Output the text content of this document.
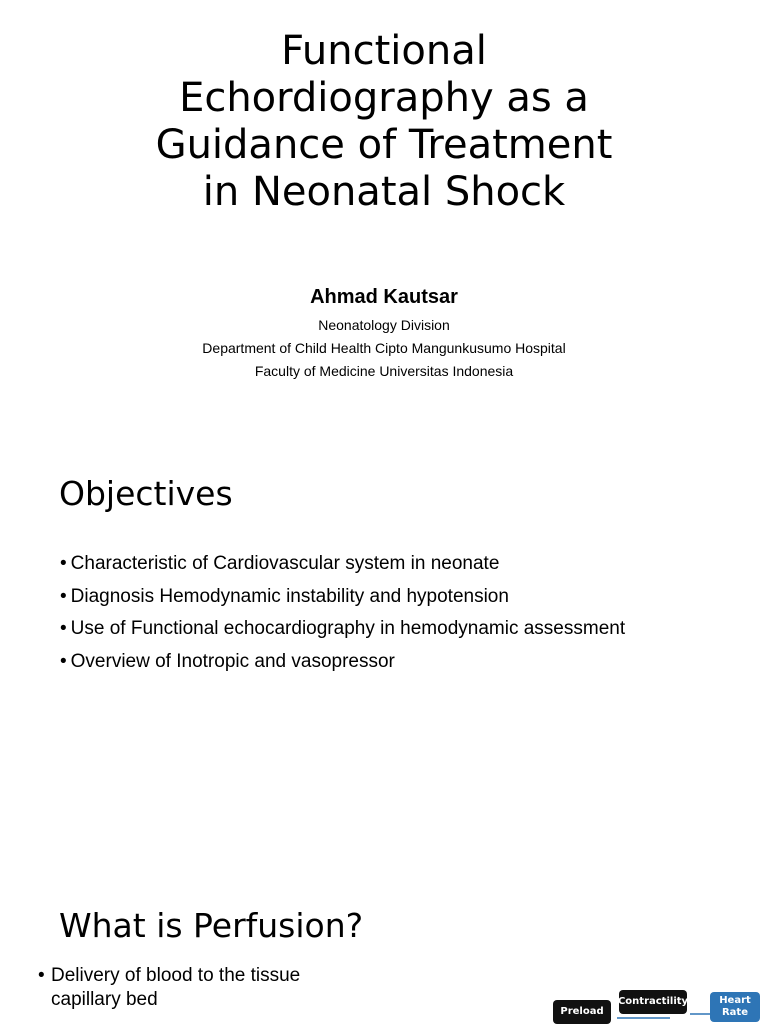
Functional
Echordiography as a
Guidance of Treatment
in Neonatal Shock
Ahmad Kautsar
Neonatology Division
Department of Child Health Cipto Mangunkusumo Hospital
Faculty of Medicine Universitas Indonesia
Objectives
• Characteristic of Cardiovascular system in neonate
• Diagnosis Hemodynamic instability and hypotension
• Use of Functional echocardiography in hemodynamic assessment
• Overview of Inotropic and vasopressor
What is Perfusion?
• Delivery of blood to the tissue capillary bed
Preload
Contractility	Heart Rate
